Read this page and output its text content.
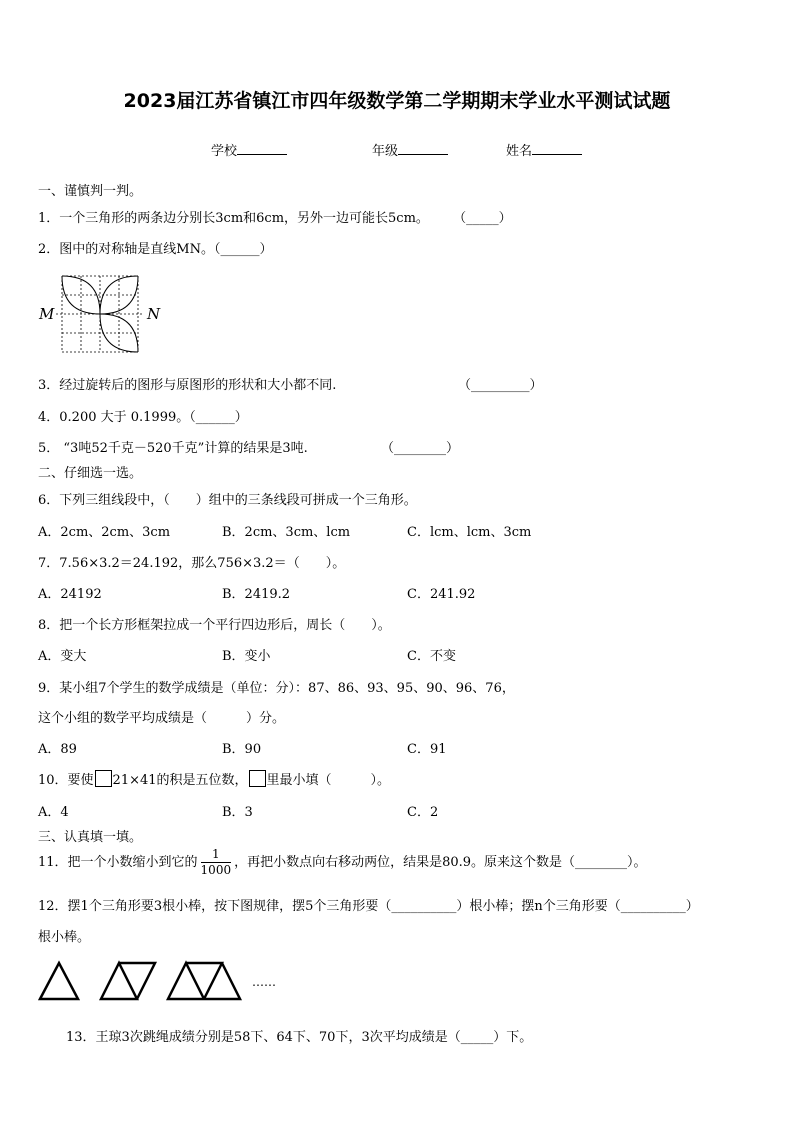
2023届江苏省镇江市四年级数学第二学期期末学业水平测试试题
学校	年级	姓名
一、谨慎判一判。
1．一个三角形的两条边分别长3cm和6cm，另外一边可能长5cm。 （_____）
2．图中的对称轴是直线MN。（______）
M	N
3．经过旋转后的图形与原图形的形状和大小都不同.	（_________）
4．0.200 大于 0.1999。（______）
5． “3吨52千克－520千克”计算的结果是3吨.	（________）
二、仔细选一选。
6．下列三组线段中，（　　）组中的三条线段可拼成一个三角形。
A．2cm、2cm、3cm	B．2cm、3cm、lcm	C．lcm、lcm、3cm
7．7.56×3.2＝24.192，那么756×3.2＝（　　）。
A．24192	B．2419.2	C．241.92
8．把一个长方形框架拉成一个平行四边形后，周长（　　）。
A．变大	B．变小	C．不变
9．某小组7个学生的数学成绩是（单位：分）：87、86、93、95、90、96、76，
这个小组的数学平均成绩是（　　　）分。
A．89	B．90	C．91
10．要使 21×41的积是五位数， 里最小填（　　　）。
A．4	B．3	C．2
三、认真填一填。
11．把一个小数缩小到它的 $\frac{1}{1000}$ ，再把小数点向右移动两位，结果是80.9。原来这个数是（________）。
12．摆1个三角形要3根小棒，按下图规律，摆5个三角形要（__________）根小棒；摆n个三角形要（__________）
根小棒。
……
13．王琼3次跳绳成绩分别是58下、64下、70下，3次平均成绩是（_____）下。
